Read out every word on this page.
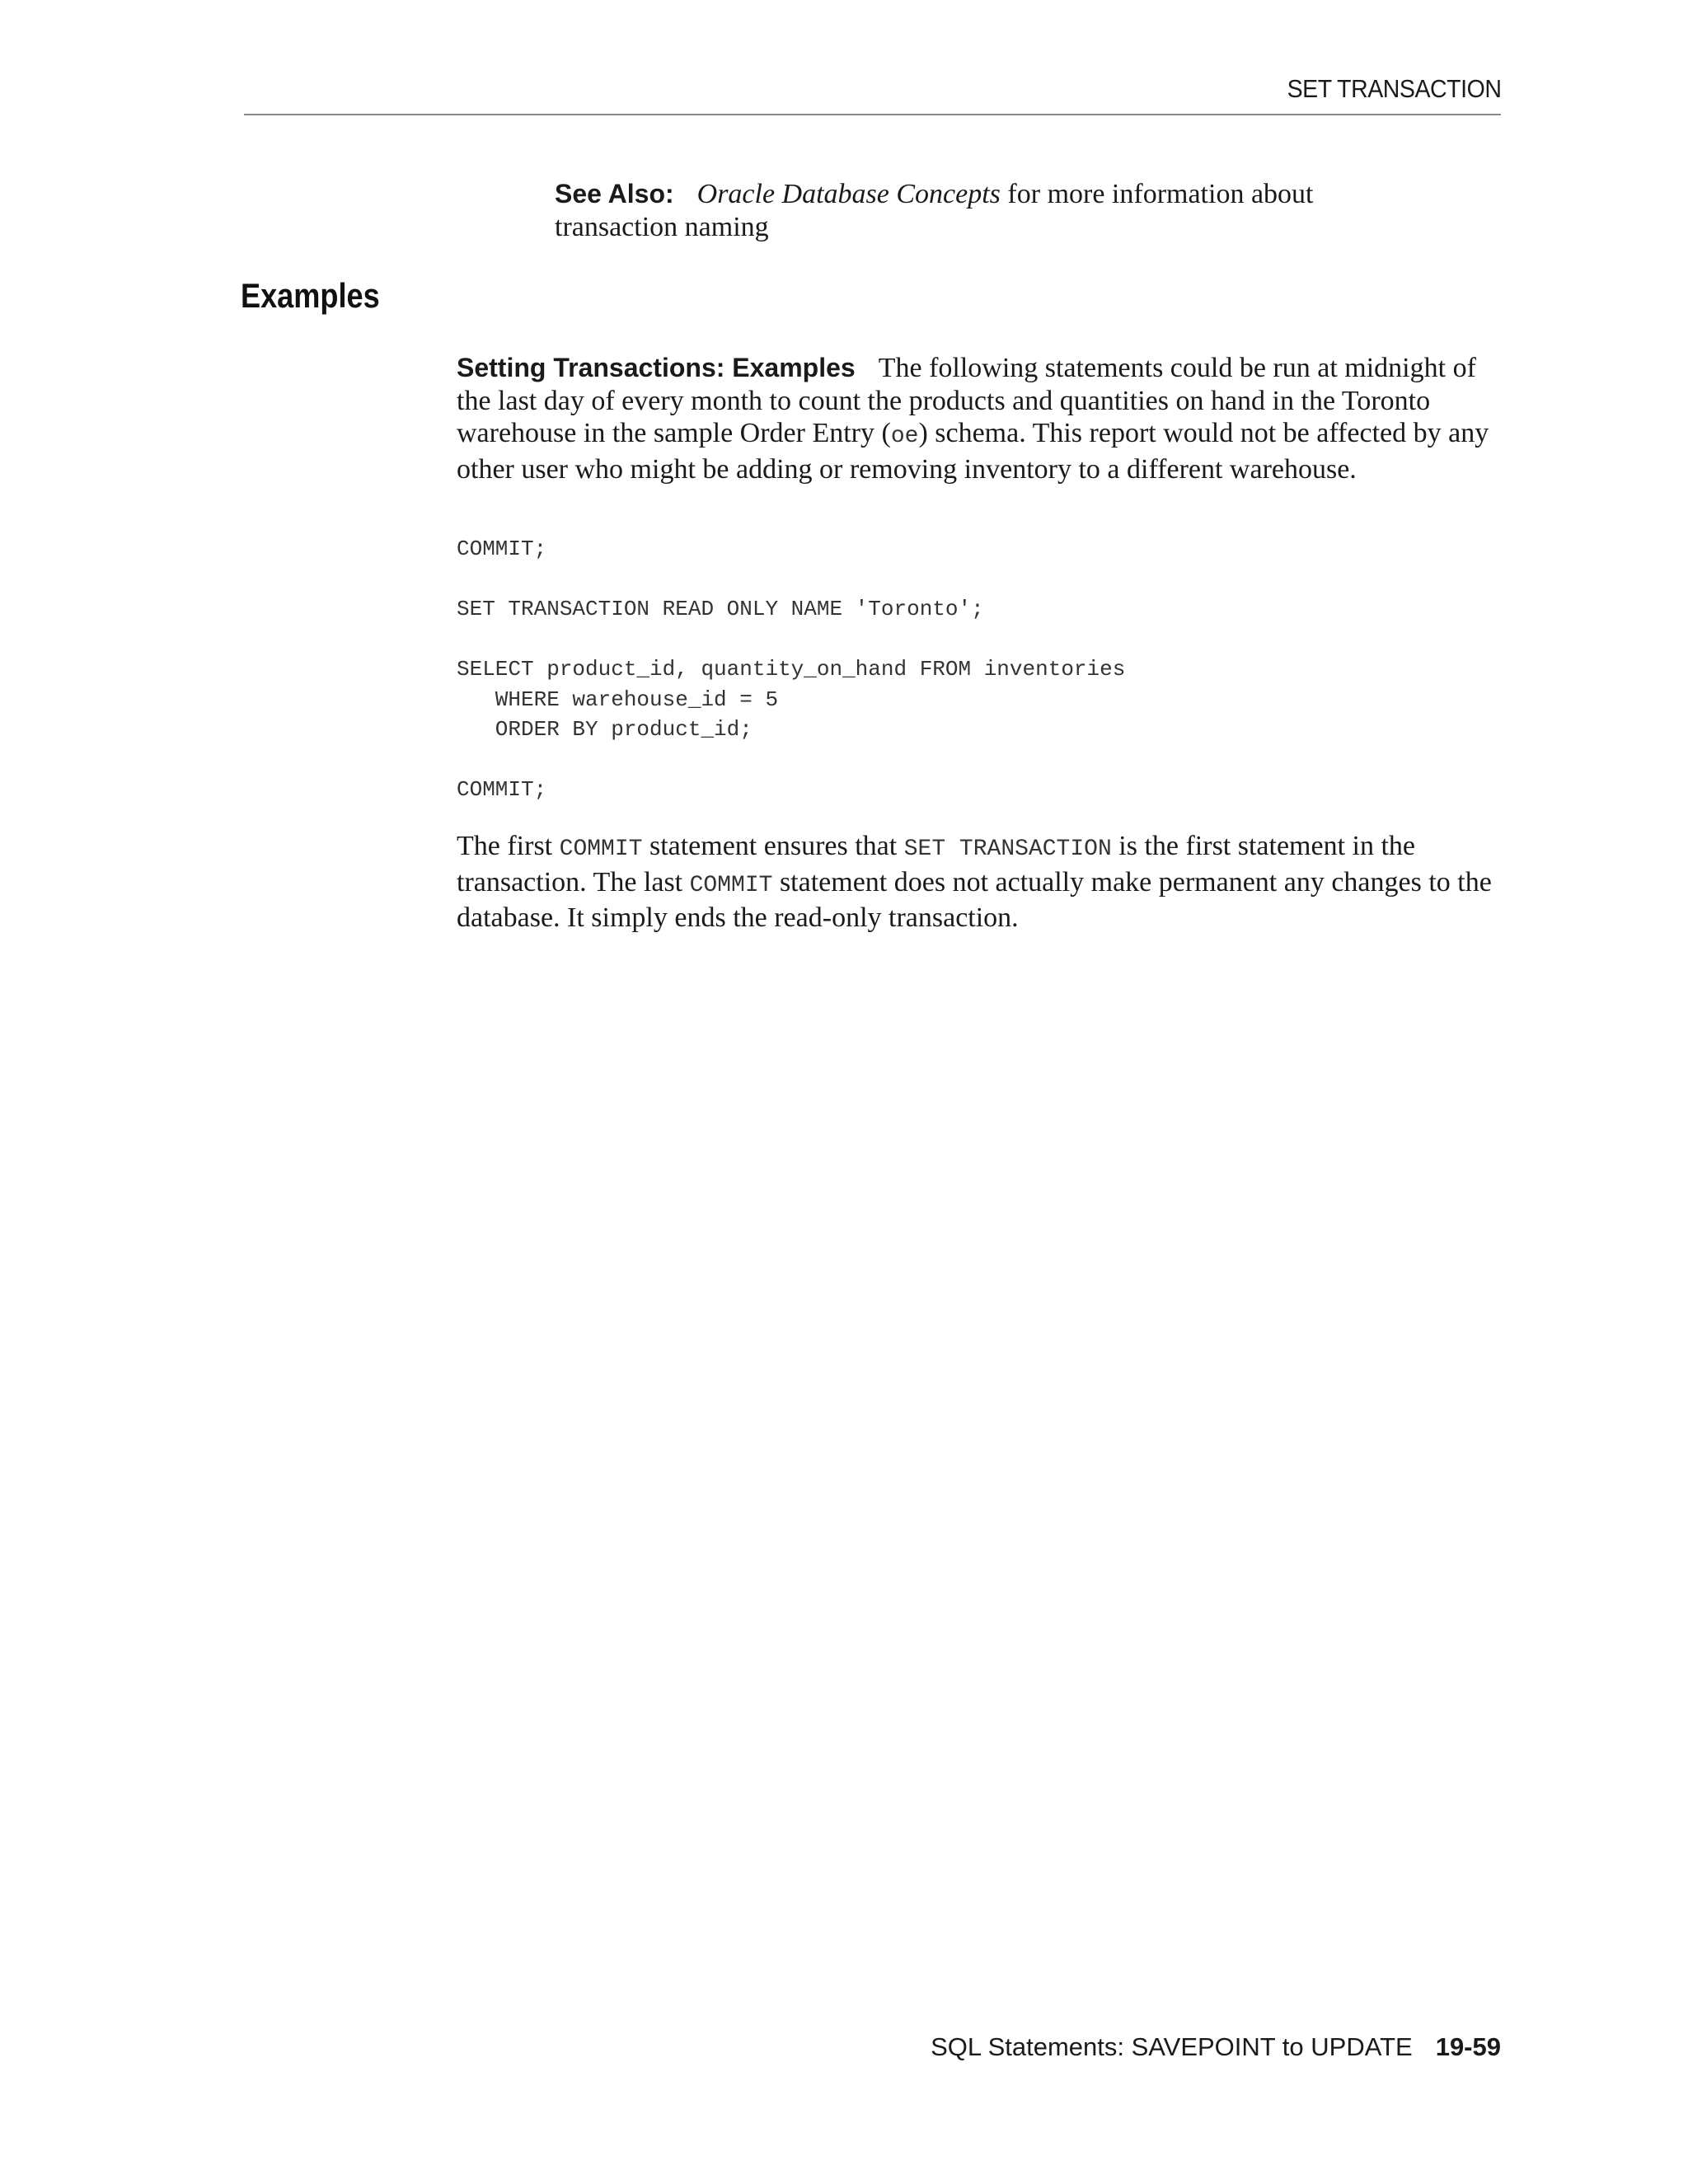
SET TRANSACTION
See Also: Oracle Database Concepts for more information about transaction naming
Examples

Setting Transactions: Examples The following statements could be run at midnight of the last day of every month to count the products and quantities on hand in the Toronto warehouse in the sample Order Entry (oe) schema. This report would not be affected by any other user who might be adding or removing inventory to a different warehouse.

COMMIT;
SET TRANSACTION READ ONLY NAME 'Toronto';
SELECT product_id, quantity_on_hand FROM inventories
WHERE warehouse_id = 5
ORDER BY product_id;
COMMIT;

The first COMMIT statement ensures that SET TRANSACTION is the first statement in the transaction. The last COMMIT statement does not actually make permanent any changes to the database. It simply ends the read-only transaction.

SQL Statements: SAVEPOINT to UPDATE 19-59
